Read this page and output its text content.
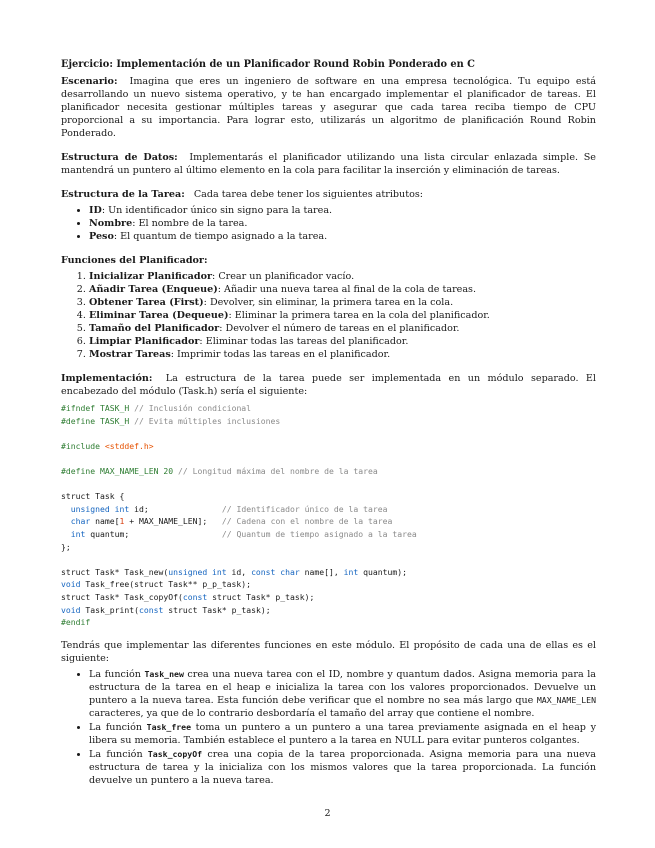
Ejercicio: Implementación de un Planificador Round Robin Ponderado en C

Escenario: Imagina que eres un ingeniero de software en una empresa tecnológica. Tu equipo está desarrollando un nuevo sistema operativo, y te han encargado implementar el planificador de tareas. El planificador necesita gestionar múltiples tareas y asegurar que cada tarea reciba tiempo de CPU proporcional a su importancia. Para lograr esto, utilizarás un algoritmo de planificación Round Robin Ponderado.

Estructura de Datos: Implementarás el planificador utilizando una lista circular enlazada simple. Se mantendrá un puntero al último elemento en la cola para facilitar la inserción y eliminación de tareas.

Estructura de la Tarea: Cada tarea debe tener los siguientes atributos:

• ID: Un identificador único sin signo para la tarea.
• Nombre: El nombre de la tarea.
• Peso: El quantum de tiempo asignado a la tarea.

Funciones del Planificador:

1. Inicializar Planificador: Crear un planificador vacío.
2. Añadir Tarea (Enqueue): Añadir una nueva tarea al final de la cola de tareas.
3. Obtener Tarea (First): Devolver, sin eliminar, la primera tarea en la cola.
4. Eliminar Tarea (Dequeue): Eliminar la primera tarea en la cola del planificador.
5. Tamaño del Planificador: Devolver el número de tareas en el planificador.
6. Limpiar Planificador: Eliminar todas las tareas del planificador.
7. Mostrar Tareas: Imprimir todas las tareas en el planificador.

Implementación: La estructura de la tarea puede ser implementada en un módulo separado. El encabezado del módulo (Task.h) sería el siguiente:

#ifndef TASK_H // Inclusión condicional
#define TASK_H // Evita múltiples inclusiones
#include <stddef.h>
#define MAX_NAME_LEN 20 // Longitud máxima del nombre de la tarea
struct Task {
unsigned int id;	// Identificador único de la tarea
char name[1 + MAX_NAME_LEN]; // Cadena con el nombre de la tarea
int quantum;	// Quantum de tiempo asignado a la tarea
};
struct Task* Task_new(unsigned int id, const char name[], int quantum);
void Task_free(struct Task** p_p_task);
struct Task* Task_copyOf(const struct Task* p_task);
void Task_print(const struct Task* p_task);
#endif

Tendrás que implementar las diferentes funciones en este módulo. El propósito de cada una de ellas es el siguiente:

• La función Task_new crea una nueva tarea con el ID, nombre y quantum dados. Asigna memoria para la estructura de la tarea en el heap e inicializa la tarea con los valores proporcionados. Devuelve un puntero a la nueva tarea. Esta función debe verificar que el nombre no sea más largo que MAX_NAME_LEN caracteres, ya que de lo contrario desbordaría el tamaño del array que contiene el nombre.
• La función Task_free toma un puntero a un puntero a una tarea previamente asignada en el heap y libera su memoria. También establece el puntero a la tarea en NULL para evitar punteros colgantes.
• La función Task_copyOf crea una copia de la tarea proporcionada. Asigna memoria para una nueva estructura de tarea y la inicializa con los mismos valores que la tarea proporcionada. La función devuelve un puntero a la nueva tarea.
2
